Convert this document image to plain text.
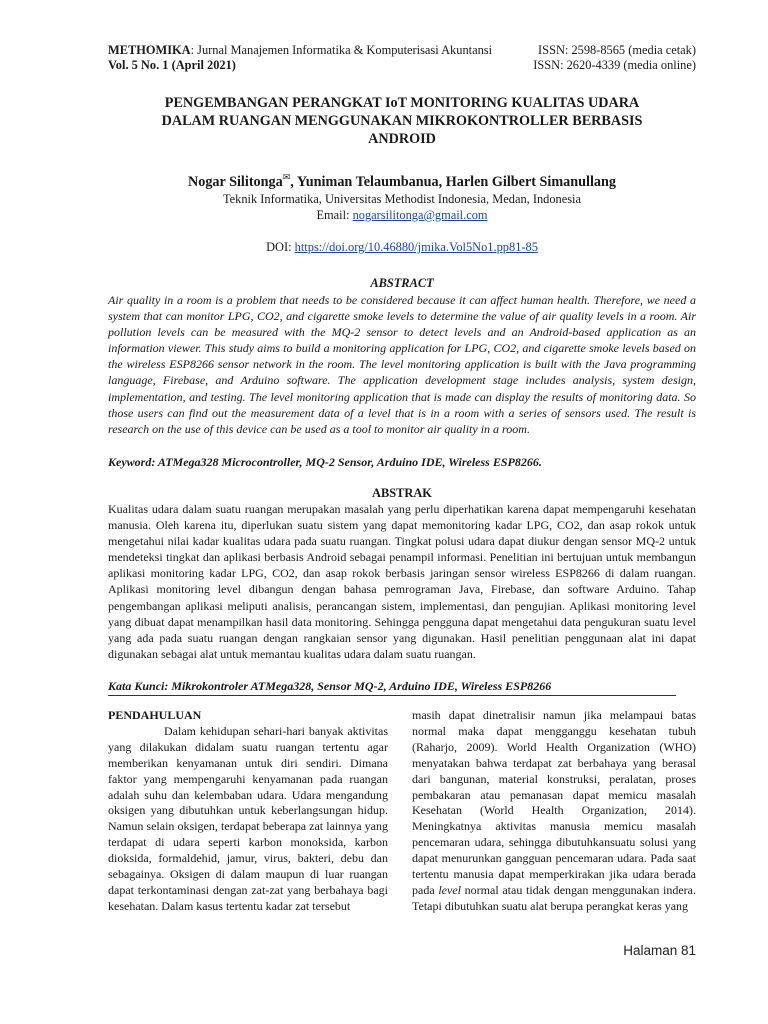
METHOMIKA: Jurnal Manajemen Informatika & Komputerisasi Akuntansi	ISSN: 2598-8565 (media cetak)
Vol. 5 No. 1 (April 2021)	ISSN: 2620-4339 (media online)
PENGEMBANGAN PERANGKAT IoT MONITORING KUALITAS UDARA
DALAM RUANGAN MENGGUNAKAN MIKROKONTROLLER BERBASIS
ANDROID
Nogar Silitonga✉, Yuniman Telaumbanua, Harlen Gilbert Simanullang
Teknik Informatika, Universitas Methodist Indonesia, Medan, Indonesia
Email: nogarsilitonga@gmail.com
DOI: https://doi.org/10.46880/jmika.Vol5No1.pp81-85
ABSTRACT
Air quality in a room is a problem that needs to be considered because it can affect human health. Therefore, we need a system that can monitor LPG, CO2, and cigarette smoke levels to determine the value of air quality levels in a room. Air pollution levels can be measured with the MQ-2 sensor to detect levels and an Android-based application as an information viewer. This study aims to build a monitoring application for LPG, CO2, and cigarette smoke levels based on the wireless ESP8266 sensor network in the room. The level monitoring application is built with the Java programming language, Firebase, and Arduino software. The application development stage includes analysis, system design, implementation, and testing. The level monitoring application that is made can display the results of monitoring data. So those users can find out the measurement data of a level that is in a room with a series of sensors used. The result is research on the use of this device can be used as a tool to monitor air quality in a room.
Keyword: ATMega328 Microcontroller, MQ-2 Sensor, Arduino IDE, Wireless ESP8266.
ABSTRAK
Kualitas udara dalam suatu ruangan merupakan masalah yang perlu diperhatikan karena dapat mempengaruhi kesehatan manusia. Oleh karena itu, diperlukan suatu sistem yang dapat memonitoring kadar LPG, CO2, dan asap rokok untuk mengetahui nilai kadar kualitas udara pada suatu ruangan. Tingkat polusi udara dapat diukur dengan sensor MQ-2 untuk mendeteksi tingkat dan aplikasi berbasis Android sebagai penampil informasi. Penelitian ini bertujuan untuk membangun aplikasi monitoring kadar LPG, CO2, dan asap rokok berbasis jaringan sensor wireless ESP8266 di dalam ruangan. Aplikasi monitoring level dibangun dengan bahasa pemrograman Java, Firebase, dan software Arduino. Tahap pengembangan aplikasi meliputi analisis, perancangan sistem, implementasi, dan pengujian. Aplikasi monitoring level yang dibuat dapat menampilkan hasil data monitoring. Sehingga pengguna dapat mengetahui data pengukuran suatu level yang ada pada suatu ruangan dengan rangkaian sensor yang digunakan. Hasil penelitian penggunaan alat ini dapat digunakan sebagai alat untuk memantau kualitas udara dalam suatu ruangan.
Kata Kunci: Mikrokontroler ATMega328, Sensor MQ-2, Arduino IDE, Wireless ESP8266
PENDAHULUAN

Dalam kehidupan sehari-hari banyak aktivitas yang dilakukan didalam suatu ruangan tertentu agar memberikan kenyamanan untuk diri sendiri. Dimana faktor yang mempengaruhi kenyamanan pada ruangan adalah suhu dan kelembaban udara. Udara mengandung oksigen yang dibutuhkan untuk keberlangsungan hidup. Namun selain oksigen, terdapat beberapa zat lainnya yang terdapat di udara seperti karbon monoksida, karbon dioksida, formaldehid, jamur, virus, bakteri, debu dan sebagainya. Oksigen di dalam maupun di luar ruangan dapat terkontaminasi dengan zat-zat yang berbahaya bagi kesehatan. Dalam kasus tertentu kadar zat tersebut

masih dapat dinetralisir namun jika melampaui batas normal maka dapat mengganggu kesehatan tubuh (Raharjo, 2009). World Health Organization (WHO) menyatakan bahwa terdapat zat berbahaya yang berasal dari bangunan, material konstruksi, peralatan, proses pembakaran atau pemanasan dapat memicu masalah Kesehatan (World Health Organization, 2014). Meningkatnya aktivitas manusia memicu masalah pencemaran udara, sehingga dibutuhkansuatu solusi yang dapat menurunkan gangguan pencemaran udara. Pada saat tertentu manusia dapat memperkirakan jika udara berada pada level normal atau tidak dengan menggunakan indera. Tetapi dibutuhkan suatu alat berupa perangkat keras yang

Halaman 81
